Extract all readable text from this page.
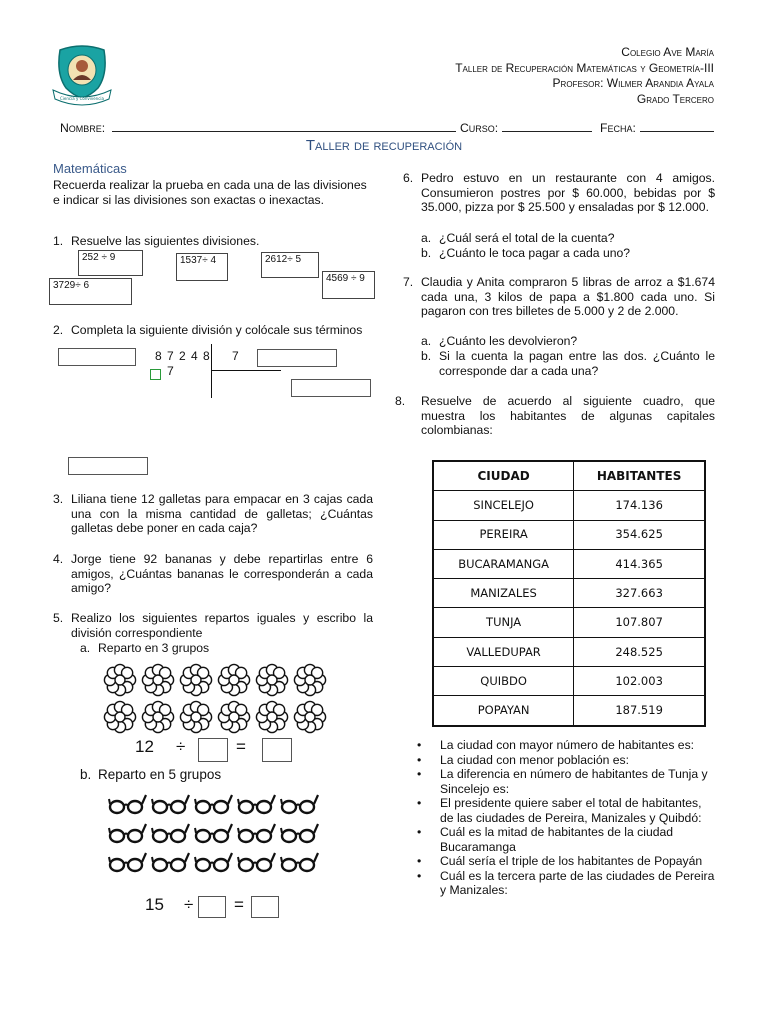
Ciencia y Convivencia
Colegio Ave María
Taller de Recuperación Matemáticas y Geometría-III
Profesor: Wilmer Arandia Ayala
Grado Tercero
Nombre:	Curso:	Fecha:
Taller de recuperación
Matemáticas
Recuerda realizar la prueba en cada una de las divisiones e indicar si las divisiones son exactas o inexactas.
1. Resuelve las siguientes divisiones.
252 ÷ 9	1537÷ 4	2612÷ 5
4569 ÷ 9
3729÷ 6
2. Completa la siguiente división y colócale sus términos
8 7 2 4 8 7
7
3. Liliana tiene 12 galletas para empacar en 3 cajas cada una con la misma cantidad de galletas; ¿Cuántas galletas debe poner en cada caja?
4. Jorge tiene 92 bananas y debe repartirlas entre 6 amigos, ¿Cuántas bananas le corresponderán a cada amigo?
5. Realizo los siguientes repartos iguales y escribo la división correspondiente
a. Reparto en 3 grupos
12 ÷	=
b. Reparto en 5 grupos
15 ÷ =
6. Pedro estuvo en un restaurante con 4 amigos. Consumieron postres por $ 60.000, bebidas por $ 35.000, pizza por $ 25.500 y ensaladas por $ 12.000.
a. ¿Cuál será el total de la cuenta?
b. ¿Cuánto le toca pagar a cada uno?
7. Claudia y Anita compraron 5 libras de arroz a $1.674 cada una, 3 kilos de papa a $1.800 cada uno. Si pagaron con tres billetes de 5.000 y 2 de 2.000.
a. ¿Cuánto les devolvieron?
b. Si la cuenta la pagan entre las dos. ¿Cuánto le corresponde dar a cada una?
8. Resuelve de acuerdo al siguiente cuadro, que muestra los habitantes de algunas capitales colombianas:
CIUDAD	HABITANTES
SINCELEJO	174.136
PEREIRA	354.625
BUCARAMANGA	414.365
MANIZALES	327.663
TUNJA	107.807
VALLEDUPAR	248.525
QUIBDO	102.003
POPAYAN	187.519
• La ciudad con mayor número de habitantes es:
• La ciudad con menor población es:
• La diferencia en número de habitantes de Tunja y Sincelejo es:
• El presidente quiere saber el total de habitantes, de las ciudades de Pereira, Manizales y Quibdó:
• Cuál es la mitad de habitantes de la ciudad Bucaramanga
• Cuál sería el triple de los habitantes de Popayán
• Cuál es la tercera parte de las ciudades de Pereira y Manizales:
